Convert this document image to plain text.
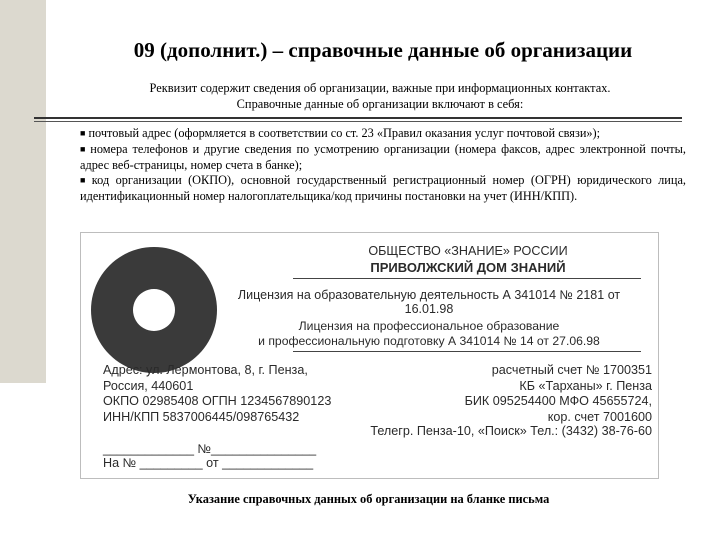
09 (дополнит.) – справочные данные об организации
Реквизит содержит сведения об организации, важные при информационных контактах.
Справочные данные об организации включают в себя:

■ почтовый адрес (оформляется в соответствии со ст. 23 «Правил оказания услуг почтовой связи»);

■ номера телефонов и другие сведения по усмотрению организации (номера факсов, адрес электронной почты, адрес веб-страницы, номер счета в банке);

■ код организации (ОКПО), основной государственный регистрационный номер (ОГРН) юридического лица, идентификационный номер налогоплательщика/код причины постановки на учет (ИНН/КПП).

ОБЩЕСТВО «ЗНАНИЕ» РОССИИ
ПРИВОЛЖСКИЙ ДОМ ЗНАНИЙ
Лицензия на образовательную деятельность А 341014 № 2181 от 16.01.98
Лицензия на профессиональное образование
и профессиональную подготовку А 341014 № 14 от 27.06.98
Адрес: ул. Лермонтова, 8, г. Пенза,
Россия, 440601
ОКПО 02985408 ОГПН 1234567890123
ИНН/КПП 5837006445/098765432
расчетный счет № 1700351
КБ «Тарханы» г. Пенза
БИК 095254400 МФО 45655724,
кор. счет 7001600
Телегр. Пенза-10, «Поиск» Тел.: (3432) 38-76-60
_____________ №_______________
На № _________ от _____________
Указание справочных данных об организации на бланке письма
